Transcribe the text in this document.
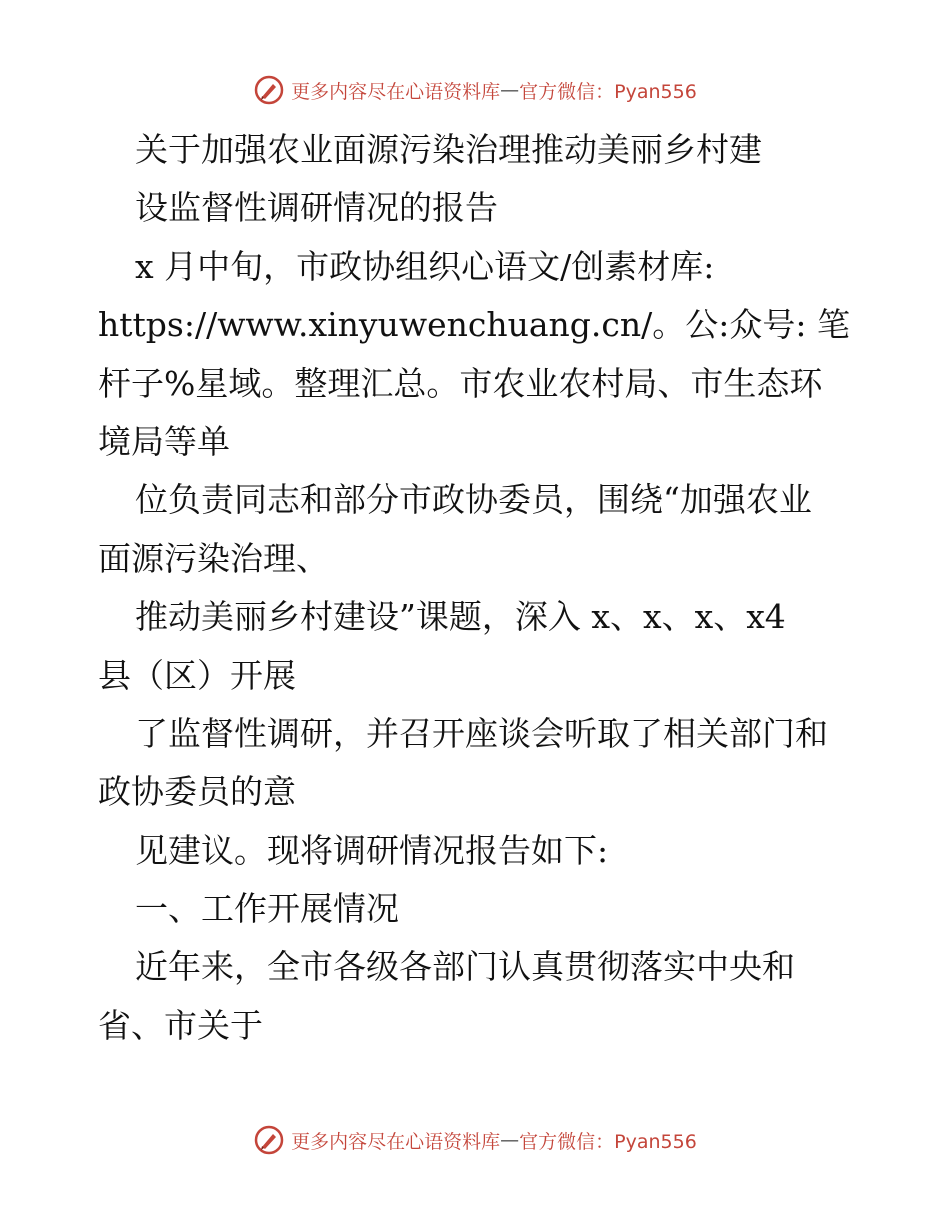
更多内容尽在心语资料库 — 官方微信：Pyan556
关于加强农业面源污染治理推动美丽乡村建
设监督性调研情况的报告
x 月中旬，市政协组织心语文/创素材库:
https://www.xinyuwenchuang.cn/。公:众号: 笔
杆子%星域。整理汇总。市农业农村局、市生态环
境局等单
位负责同志和部分市政协委员，围绕“加强农业
面源污染治理、
推动美丽乡村建设”课题，深入 x、x、x、x4
县（区）开展
了监督性调研，并召开座谈会听取了相关部门和
政协委员的意
见建议。现将调研情况报告如下:
一、工作开展情况
近年来，全市各级各部门认真贯彻落实中央和
省、市关于
更多内容尽在心语资料库 — 官方微信：Pyan556
